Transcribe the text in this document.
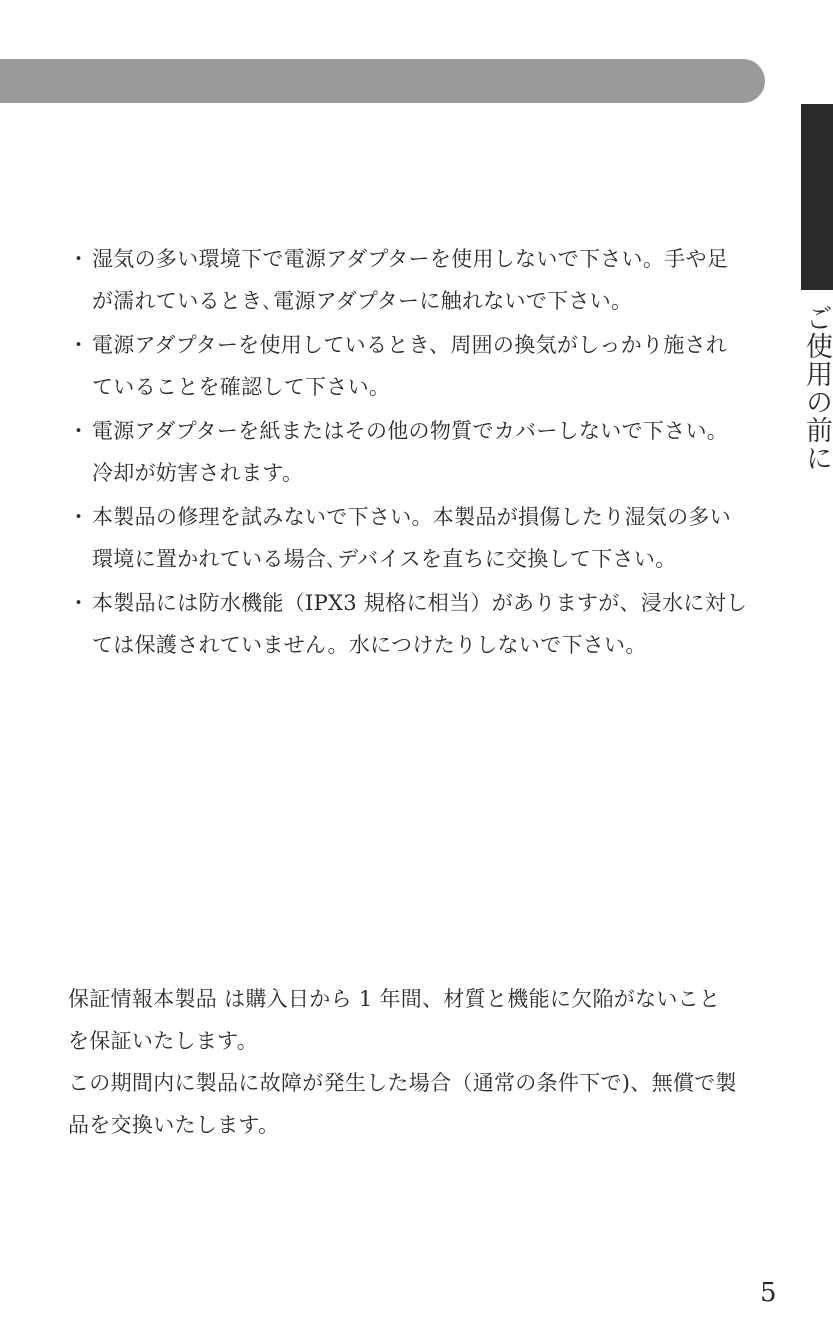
ご使用の前に
・ 湿気の多い環境下で電源アダプターを使用しないで下さい。手や足が濡れているとき､電源アダプターに触れないで下さい。
・ 電源アダプターを使用しているとき、周囲の換気がしっかり施されていることを確認して下さい。
・ 電源アダプターを紙またはその他の物質でカバーしないで下さい。冷却が妨害されます。
・ 本製品の修理を試みないで下さい。本製品が損傷したり湿気の多い環境に置かれている場合､デバイスを直ちに交換して下さい。
・ 本製品には防水機能（IPX3 規格に相当）がありますが、浸水に対しては保護されていません。水につけたりしないで下さい。

保証情報本製品 は購入日から 1 年間、材質と機能に欠陥がないことを保証いたします。

この期間内に製品に故障が発生した場合（通常の条件下で)、無償で製品を交換いたします。

5
